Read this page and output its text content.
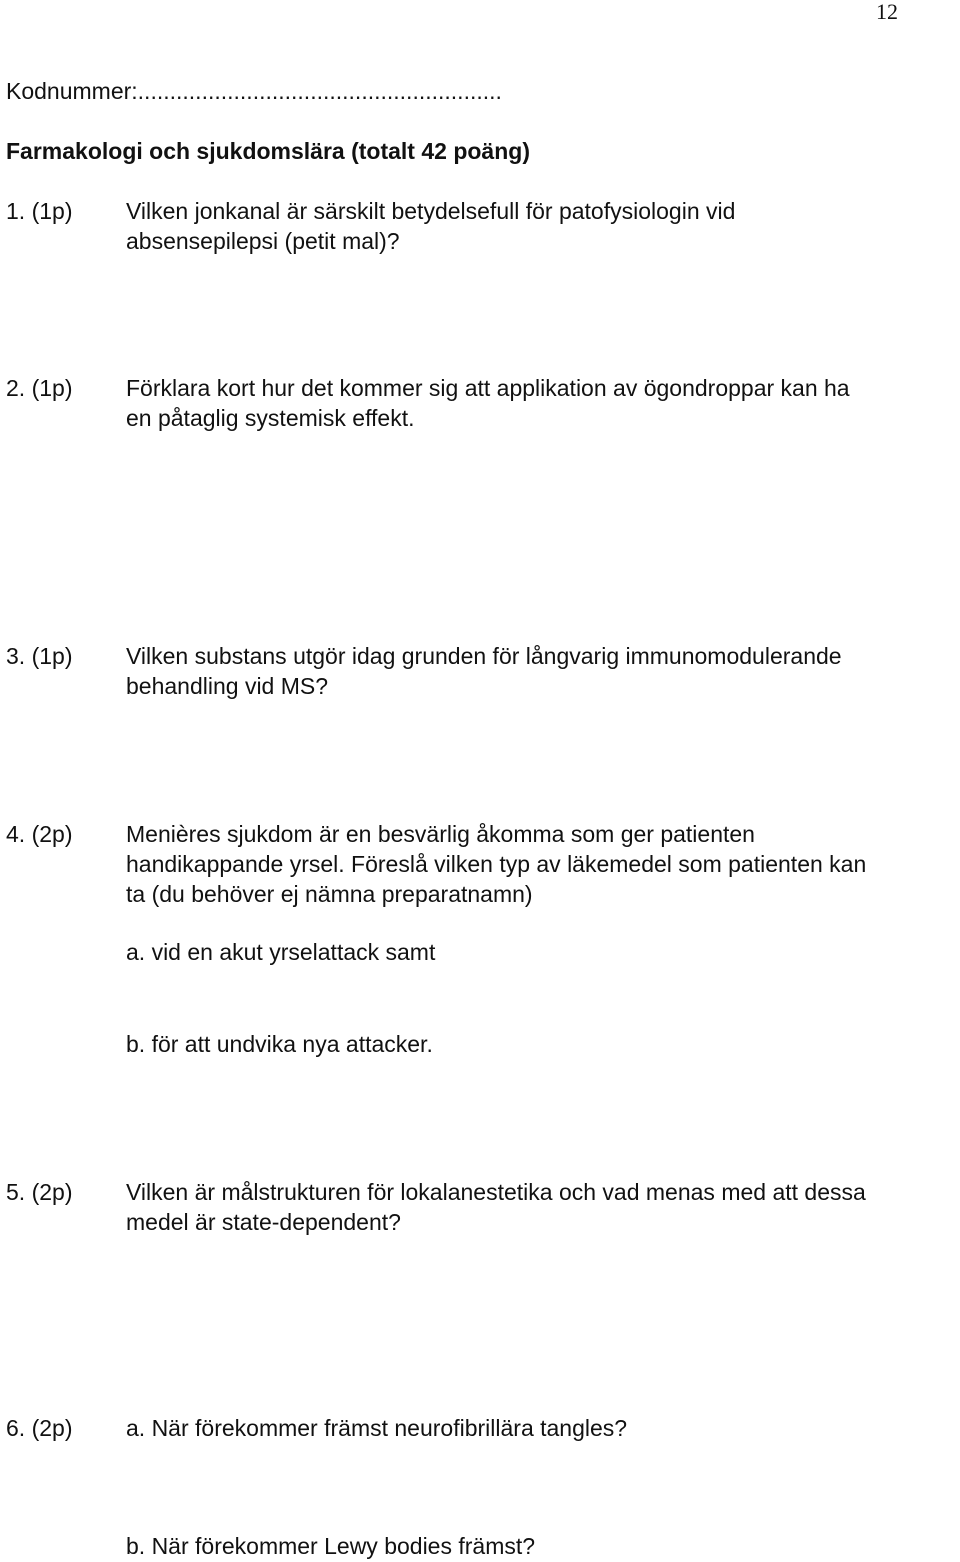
12
Kodnummer:.........................................................
Farmakologi och sjukdomslära (totalt 42 poäng)
1. (1p) Vilken jonkanal är särskilt betydelsefull för patofysiologin vid
absensepilepsi (petit mal)?
2. (1p) Förklara kort hur det kommer sig att applikation av ögondroppar kan ha
en påtaglig systemisk effekt.
3. (1p) Vilken substans utgör idag grunden för långvarig immunomodulerande
behandling vid MS?
4. (2p) Menières sjukdom är en besvärlig åkomma som ger patienten
handikappande yrsel. Föreslå vilken typ av läkemedel som patienten kan
ta (du behöver ej nämna preparatnamn)
a. vid en akut yrselattack samt
b. för att undvika nya attacker.
5. (2p) Vilken är målstrukturen för lokalanestetika och vad menas med att dessa
medel är state-dependent?
6. (2p) a. När förekommer främst neurofibrillära tangles?
b. När förekommer Lewy bodies främst?
